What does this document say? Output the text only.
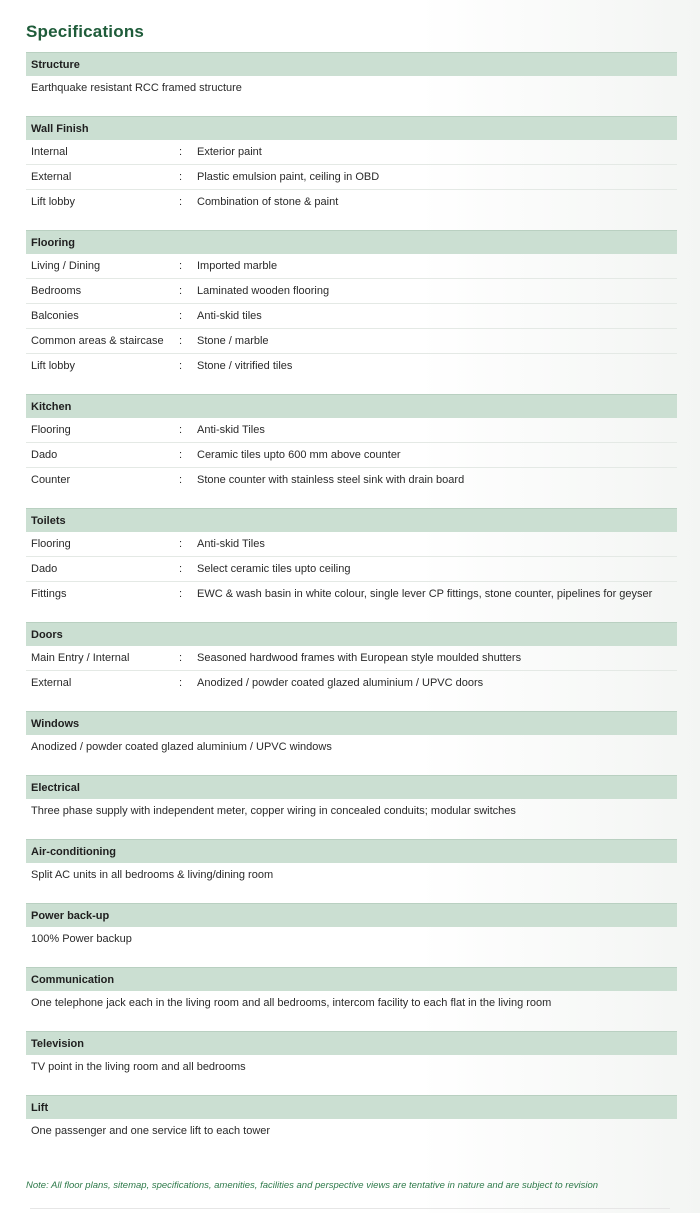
Specifications
Structure
Earthquake resistant RCC framed structure
Wall Finish
Internal	:	Exterior paint
External	:	Plastic emulsion paint, ceiling in OBD
Lift lobby	:	Combination of stone & paint
Flooring
Living / Dining	:	Imported marble
Bedrooms	:	Laminated wooden flooring
Balconies	:	Anti-skid tiles
Common areas & staircase	:	Stone / marble
Lift lobby	:	Stone / vitrified tiles
Kitchen
Flooring	:	Anti-skid Tiles
Dado	:	Ceramic tiles upto 600 mm above counter
Counter	:	Stone counter with stainless steel sink with drain board
Toilets
Flooring	:	Anti-skid Tiles
Dado	:	Select ceramic tiles upto ceiling
Fittings	:	EWC & wash basin in white colour, single lever CP fittings, stone counter, pipelines for geyser
Doors
Main Entry / Internal	:	Seasoned hardwood frames with European style moulded shutters
External	:	Anodized / powder coated glazed aluminium / UPVC doors
Windows
Anodized / powder coated glazed aluminium / UPVC windows
Electrical
Three phase supply with independent meter, copper wiring in concealed conduits; modular switches
Air-conditioning
Split AC units in all bedrooms & living/dining room
Power back-up
100% Power backup
Communication
One telephone jack each in the living room and all bedrooms, intercom facility to each flat in the living room
Television
TV point in the living room and all bedrooms
Lift
One passenger and one service lift to each tower
Note: All floor plans, sitemap, specifications, amenities, facilities and perspective views are tentative in nature and are subject to revision
